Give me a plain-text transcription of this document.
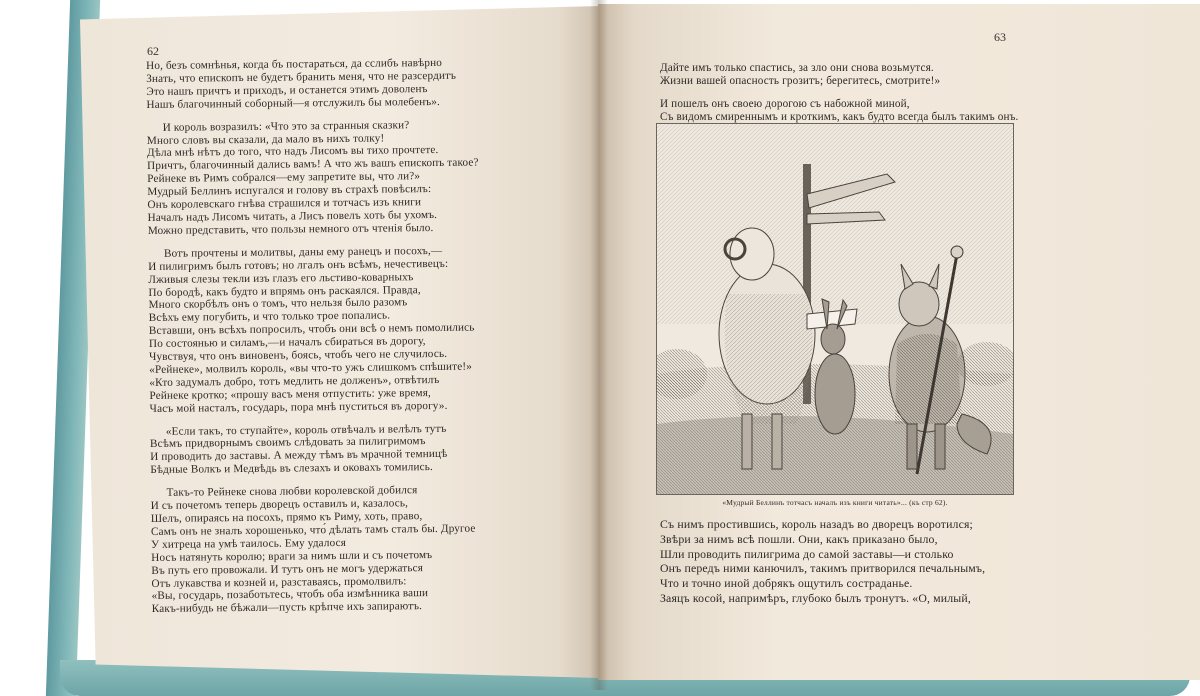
62
63
Но, безъ сомнѣнья, когда бъ постараться, да сслибъ навѣрно
Знать, что епископъ не будетъ бранить меня, что не разсердитъ
Это нашъ причтъ и приходъ, и останется этимъ доволенъ
Нашъ благочинный соборный—я отслужилъ бы молебенъ».
И король возразилъ: «Что это за странныя сказки?
Много словъ вы сказали, да мало въ нихъ толку!
Дѣла мнѣ нѣтъ до того, что надъ Лисомъ вы тихо прочтете.
Причтъ, благочинный дались вамъ! А что жъ вашъ епископъ такое?
Рейнеке въ Римъ собрался—ему запретите вы, что ли?»
Мудрый Беллинъ испугался и голову въ страхѣ повѣсилъ:
Онъ королевскаго гнѣва страшился и тотчасъ изъ книги
Началъ надъ Лисомъ читать, а Лисъ повелъ хоть бы ухомъ.
Можно представить, что пользы немного отъ чтенія было.
Вотъ прочтены и молитвы, даны ему ранецъ и посохъ,—
И пилигримъ былъ готовъ; но лгалъ онъ всѣмъ, нечестивецъ:
Лживыя слезы текли изъ глазъ его льстиво-коварныхъ
По бородѣ, какъ будто и впрямь онъ раскаялся. Правда,
Много скорбѣлъ онъ о томъ, что нельзя было разомъ
Всѣхъ ему погубить, и что только трое попались.
Вставши, онъ всѣхъ попросилъ, чтобъ они всѣ о немъ помолились
По состоянью и силамъ,—и началъ сбираться въ дорогу,
Чувствуя, что онъ виновенъ, боясь, чтобъ чего не случилось.
«Рейнеке», молвилъ король, «вы что-то ужъ слишкомъ спѣшите!»
«Кто задумалъ добро, тотъ медлить не долженъ», отвѣтилъ
Рейнеке кротко; «прошу васъ меня отпустить: уже время,
Часъ мой насталъ, государь, пора мнѣ пуститься въ дорогу».
«Если такъ, то ступайте», король отвѣчалъ и велѣлъ тутъ
Всѣмъ придворнымъ своимъ слѣдовать за пилигримомъ
И проводить до заставы. А между тѣмъ въ мрачной темницѣ
Бѣдные Волкъ и Медвѣдь въ слезахъ и оковахъ томились.
Такъ-то Рейнеке снова любви королевской добился
И съ почетомъ теперь дворецъ оставилъ и, казалось,
Шелъ, опираясь на посохъ, прямо къ Риму, хоть, право,
Самъ онъ не зналъ хорошенько, что́ дѣлать тамъ сталъ бы. Другое
У хитреца на умѣ таилось. Ему удалося
Носъ натянуть королю; враги за нимъ шли и съ почетомъ
Въ путь его провожали. И тутъ онъ не могъ удержаться
Отъ лукавства и козней и, разставаясь, промолвилъ:
«Вы, государь, позаботьтесь, чтобъ оба измѣнника ваши
Какъ-нибудь не бѣжали—пусть крѣпче ихъ запираютъ.
Дайте имъ только спастись, за зло они снова возьмутся.
Жизни вашей опасность грозитъ; берегитесь, смотрите!»
И пошелъ онъ своею дорогою съ набожной миной,
Съ видомъ смиреннымъ и кроткимъ, какъ будто всегда былъ такимъ онъ.
«Мудрый Беллинъ тотчасъ началъ изъ книги читать»... (къ стр 62).
Съ нимъ простившись, король назадъ во дворецъ воротился;
Звѣри за нимъ всѣ пошли. Они, какъ приказано было,
Шли проводить пилигрима до самой заставы—и столько
Онъ передъ ними канючилъ, такимъ притворился печальнымъ,
Что и точно иной добрякъ ощутилъ состраданье.
Заяцъ косой, напримѣръ, глубоко былъ тронутъ. «О, милый,
